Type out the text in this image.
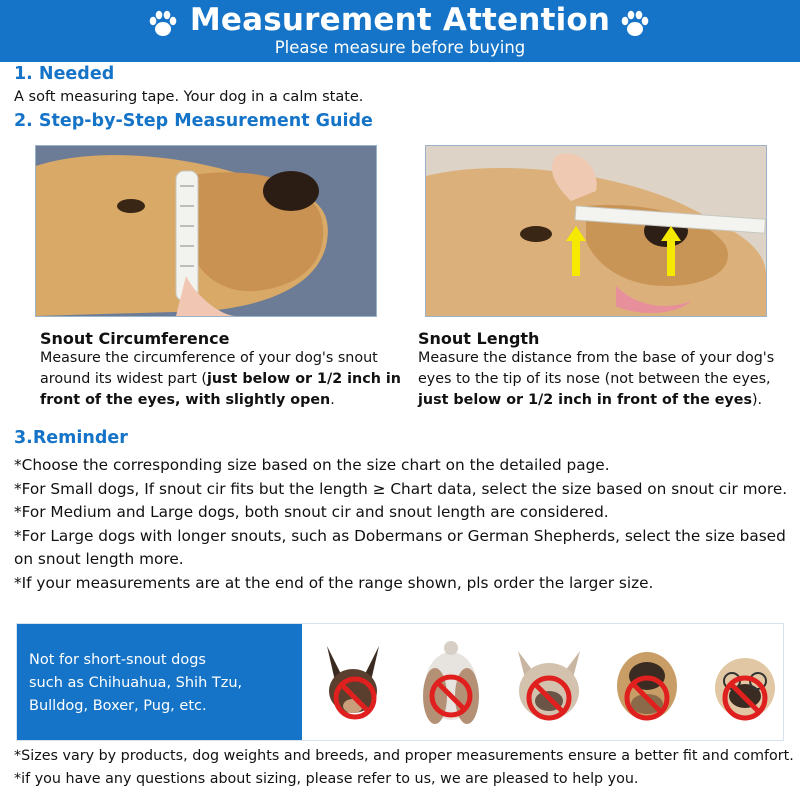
Measurement Attention
Please measure before buying
1. Needed
A soft measuring tape. Your dog in a calm state.
2. Step-by-Step Measurement Guide
Snout Circumference
Measure the circumference of your dog's snout around its widest part (just below or 1/2 inch in front of the eyes, with slightly open.
Snout Length
Measure the distance from the base of your dog's eyes to the tip of its nose (not between the eyes, just below or 1/2 inch in front of the eyes).
3.Reminder
*Choose the corresponding size based on the size chart on the detailed page.
*For Small dogs, If snout cir fits but the length ≥ Chart data, select the size based on snout cir more.
*For Medium and Large dogs, both snout cir and snout length are considered.
*For Large dogs with longer snouts, such as Dobermans or German Shepherds, select the size based on snout length more.
*If your measurements are at the end of the range shown, pls order the larger size.
Not for short-snout dogs
such as Chihuahua, Shih Tzu,
Bulldog, Boxer, Pug, etc.
*Sizes vary by products, dog weights and breeds, and proper measurements ensure a better fit and comfort.
*if you have any questions about sizing, please refer to us, we are pleased to help you.
